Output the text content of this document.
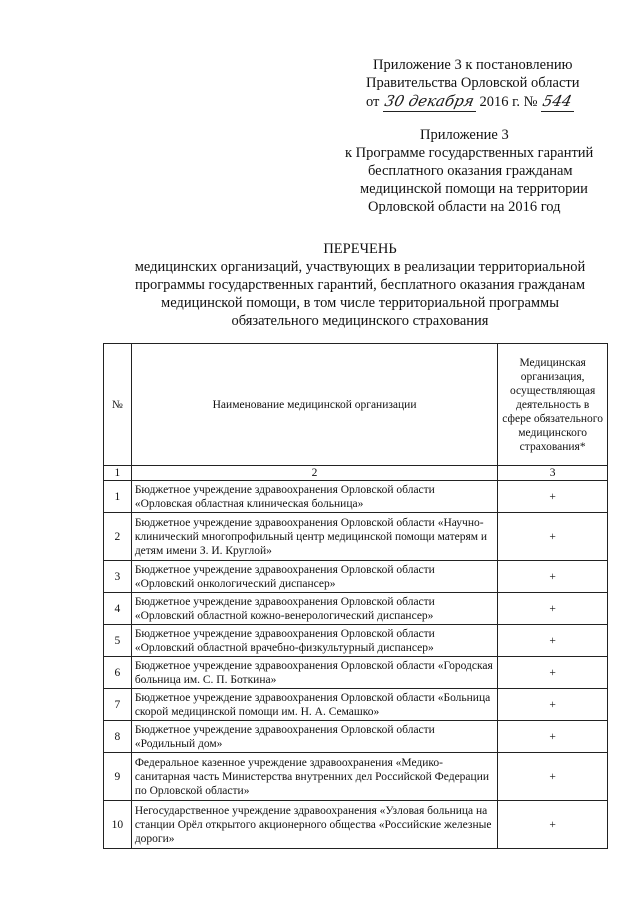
Приложение 3 к постановлению
Правительства Орловской области
от 30 декабря 2016 г. № 544
Приложение 3
к Программе государственных гарантий
бесплатного оказания гражданам
медицинской помощи на территории
Орловской области на 2016 год
ПЕРЕЧЕНЬ
медицинских организаций, участвующих в реализации территориальной
программы государственных гарантий, бесплатного оказания гражданам
медицинской помощи, в том числе территориальной программы
обязательного медицинского страхования
№	Наименование медицинской организации	Медицинская организация, осуществляющая деятельность в сфере обязательного медицинского страхования*
1	2	3
1	Бюджетное учреждение здравоохранения Орловской области «Орловская областная клиническая больница»	+
2	Бюджетное учреждение здравоохранения Орловской области «Научно-клинический многопрофильный центр медицинской помощи матерям и детям имени З. И. Круглой»	+
3	Бюджетное учреждение здравоохранения Орловской области «Орловский онкологический диспансер»	+
4	Бюджетное учреждение здравоохранения Орловской области «Орловский областной кожно-венерологический диспансер»	+
5	Бюджетное учреждение здравоохранения Орловской области «Орловский областной врачебно-физкультурный диспансер»	+
6	Бюджетное учреждение здравоохранения Орловской области «Городская больница им. С. П. Боткина»	+
7	Бюджетное учреждение здравоохранения Орловской области «Больница скорой медицинской помощи им. Н. А. Семашко»	+
8	Бюджетное учреждение здравоохранения Орловской области «Родильный дом»	+
9	Федеральное казенное учреждение здравоохранения «Медико-санитарная часть Министерства внутренних дел Российской Федерации по Орловской области»	+
10	Негосударственное учреждение здравоохранения «Узловая больница на станции Орёл открытого акционерного общества «Российские железные дороги»	+
